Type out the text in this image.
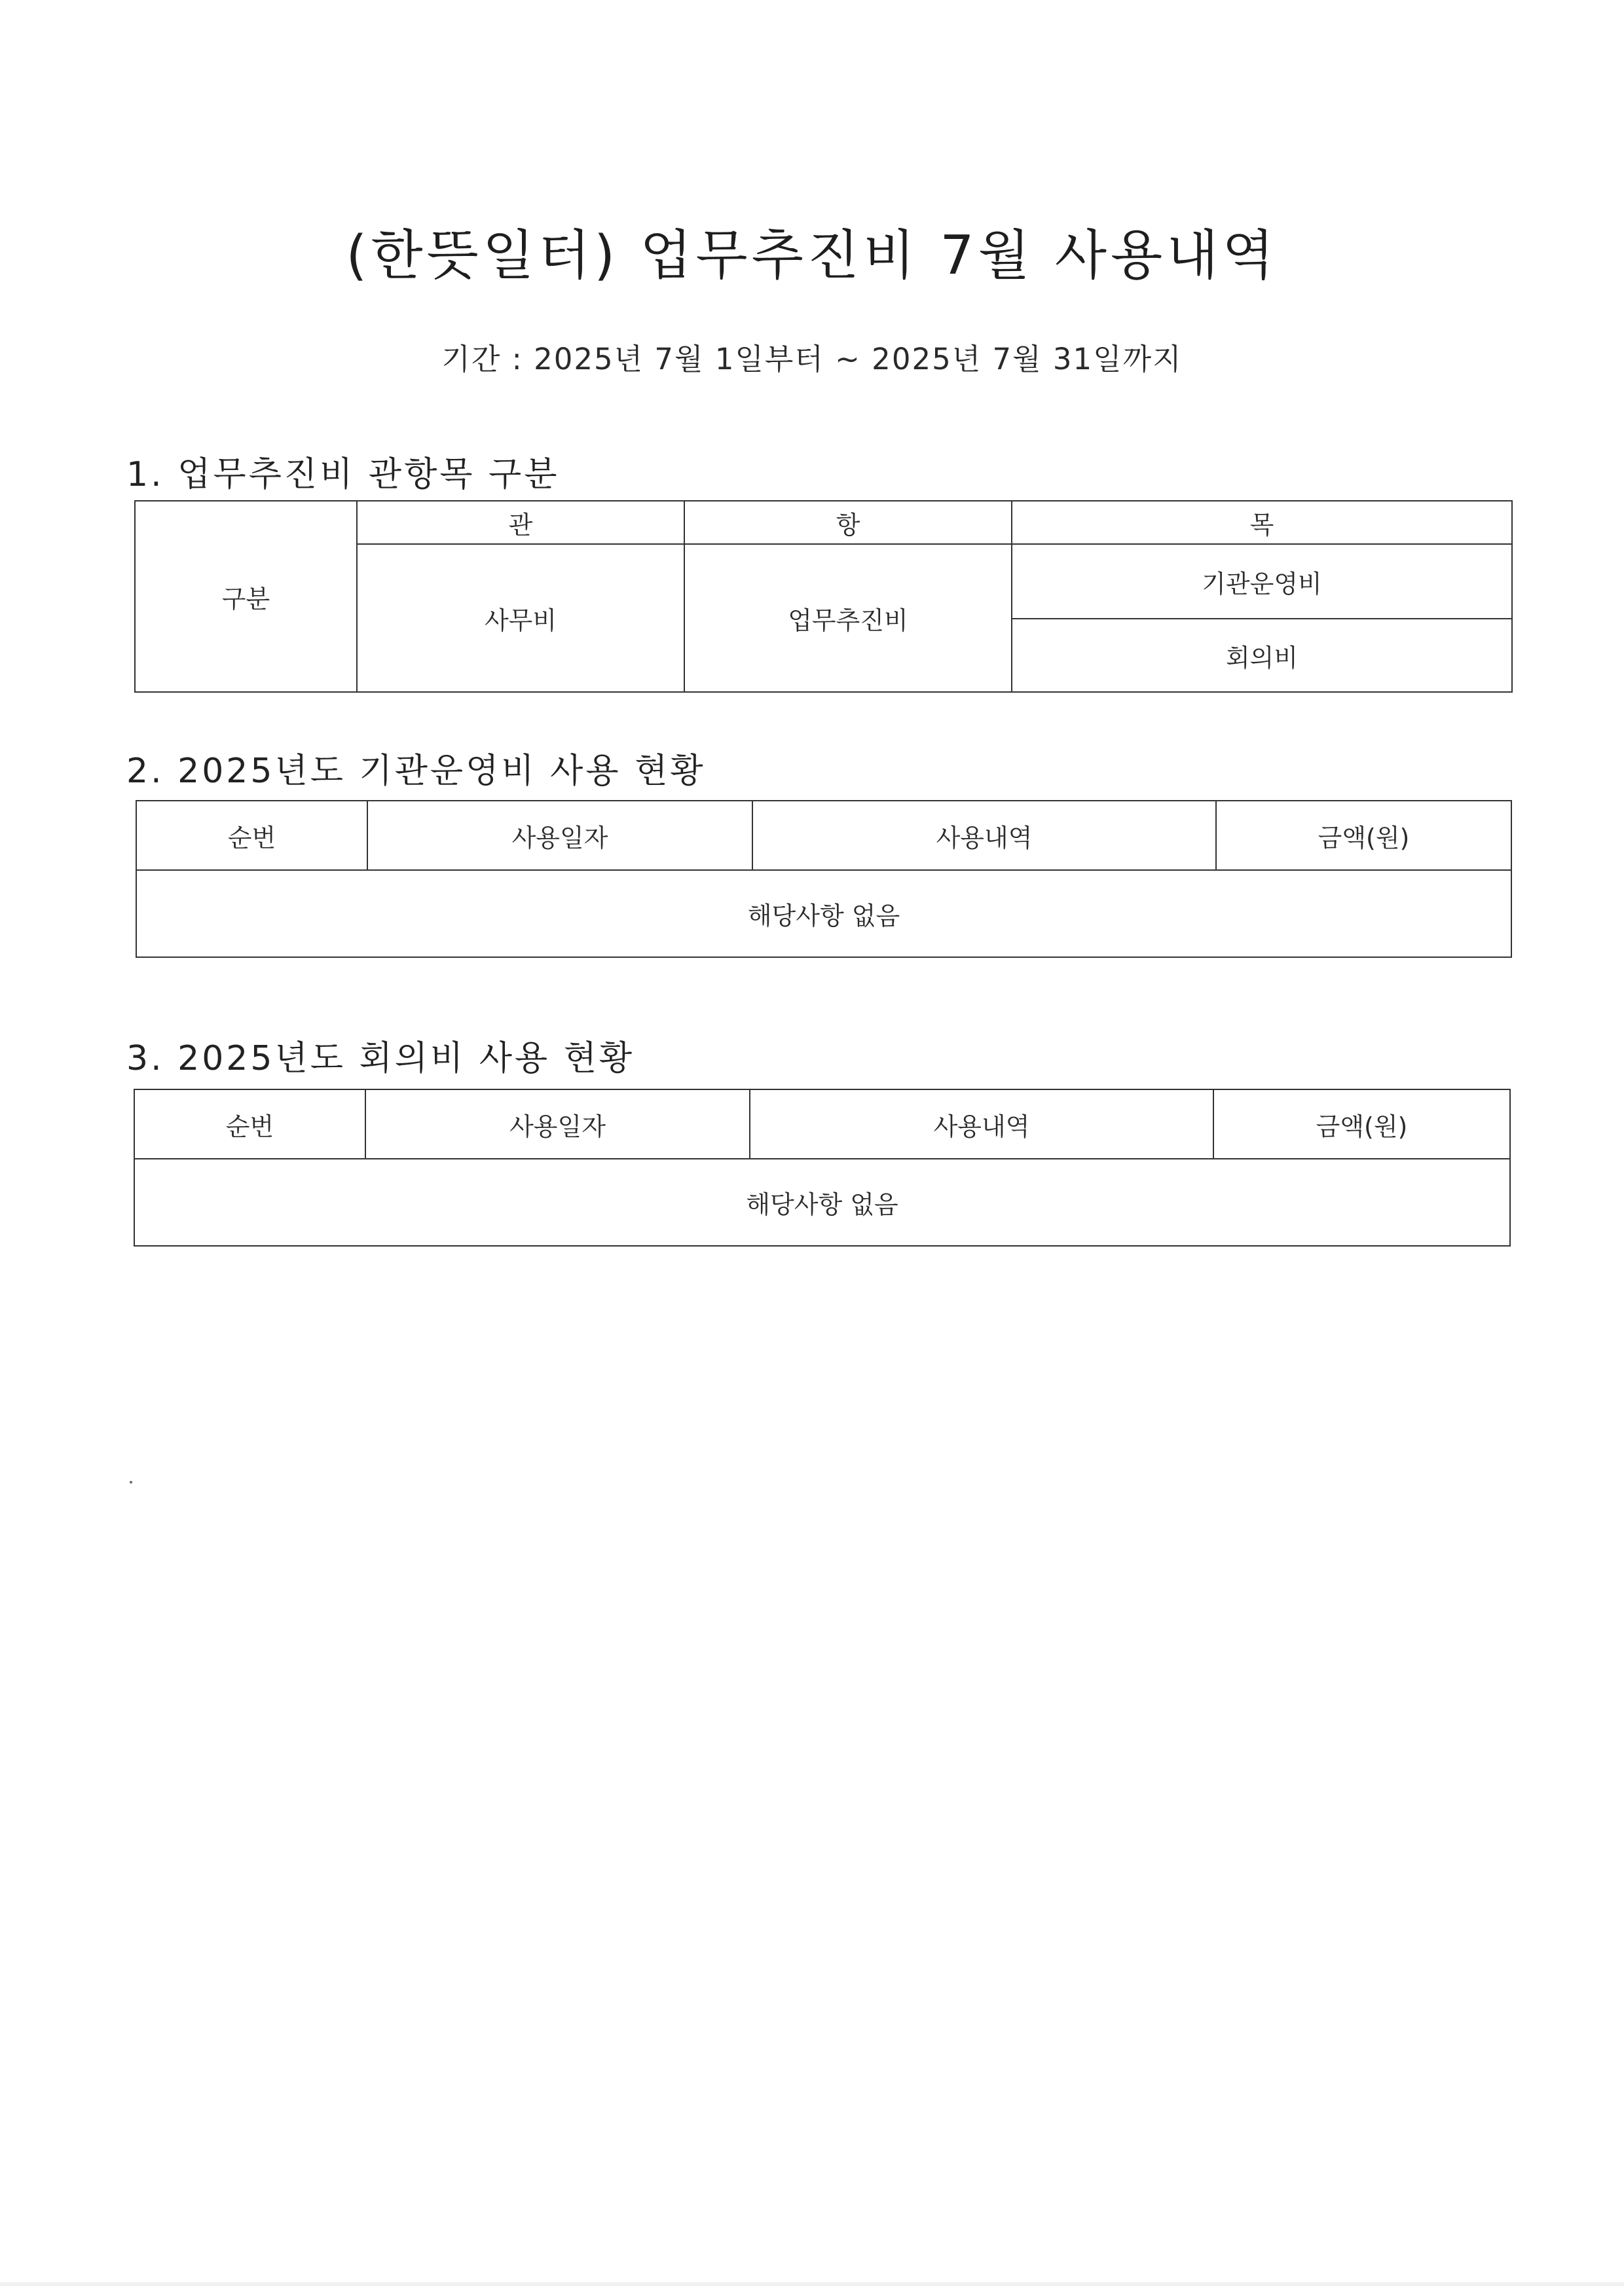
(한뜻일터) 업무추진비 7월 사용내역
기간 : 2025년 7월 1일부터 ~ 2025년 7월 31일까지
1. 업무추진비 관항목 구분
구분	관	항	목
	사무비	업무추진비	기관운영비
			회의비
2. 2025년도 기관운영비 사용 현황
순번	사용일자	사용내역	금액(원)
해당사항 없음
3. 2025년도 회의비 사용 현황
순번	사용일자	사용내역	금액(원)
해당사항 없음
